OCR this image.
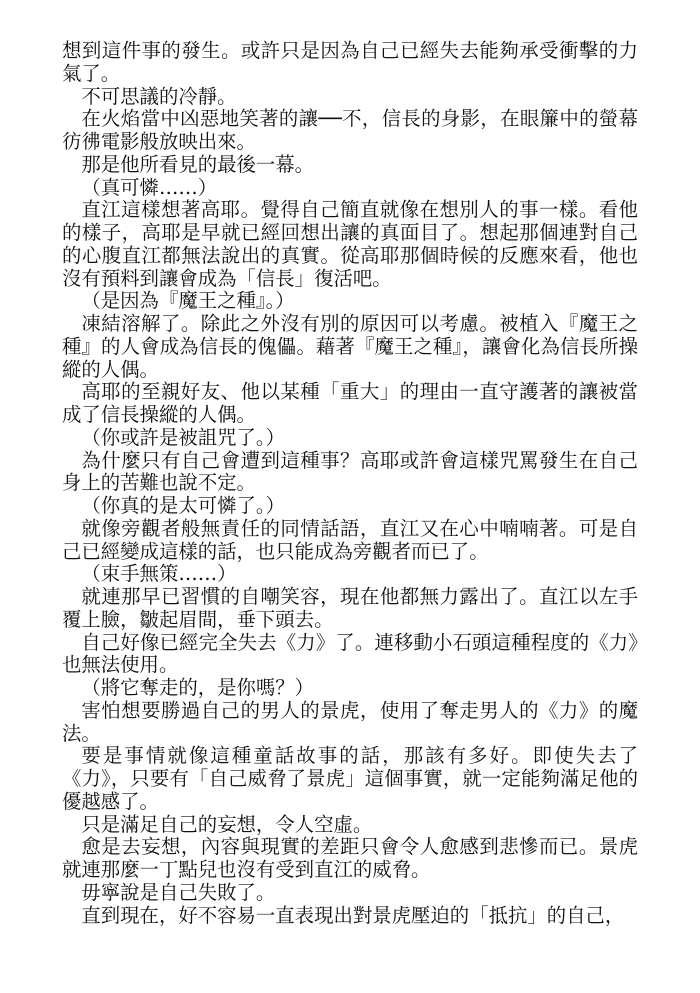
想到這件事的發生。或許只是因為自己已經失去能夠承受衝擊的力氣了。

不可思議的冷靜。

在火焰當中凶惡地笑著的讓──不，信長的身影，在眼簾中的螢幕彷彿電影般放映出來。

那是他所看見的最後一幕。

（真可憐……）

直江這樣想著高耶。覺得自己簡直就像在想別人的事一樣。看他的樣子，高耶是早就已經回想出讓的真面目了。想起那個連對自己的心腹直江都無法說出的真實。從高耶那個時候的反應來看，他也沒有預料到讓會成為「信長」復活吧。

（是因為『魔王之種』。）

凍結溶解了。除此之外沒有別的原因可以考慮。被植入『魔王之種』的人會成為信長的傀儡。藉著『魔王之種』，讓會化為信長所操縱的人偶。

高耶的至親好友、他以某種「重大」的理由一直守護著的讓被當成了信長操縱的人偶。

（你或許是被詛咒了。）

為什麼只有自己會遭到這種事？高耶或許會這樣咒罵發生在自己身上的苦難也說不定。

（你真的是太可憐了。）

就像旁觀者般無責任的同情話語，直江又在心中喃喃著。可是自己已經變成這樣的話，也只能成為旁觀者而已了。

（束手無策……）

就連那早已習慣的自嘲笑容，現在他都無力露出了。直江以左手覆上臉，皺起眉間，垂下頭去。

自己好像已經完全失去《力》了。連移動小石頭這種程度的《力》也無法使用。

（將它奪走的，是你嗎？）

害怕想要勝過自己的男人的景虎，使用了奪走男人的《力》的魔法。

要是事情就像這種童話故事的話，那該有多好。即使失去了《力》，只要有「自己威脅了景虎」這個事實，就一定能夠滿足他的優越感了。

只是滿足自己的妄想，令人空虛。

愈是去妄想，內容與現實的差距只會令人愈感到悲慘而已。景虎就連那麼一丁點兒也沒有受到直江的威脅。

毋寧說是自己失敗了。

直到現在，好不容易一直表現出對景虎壓迫的「抵抗」的自己，
